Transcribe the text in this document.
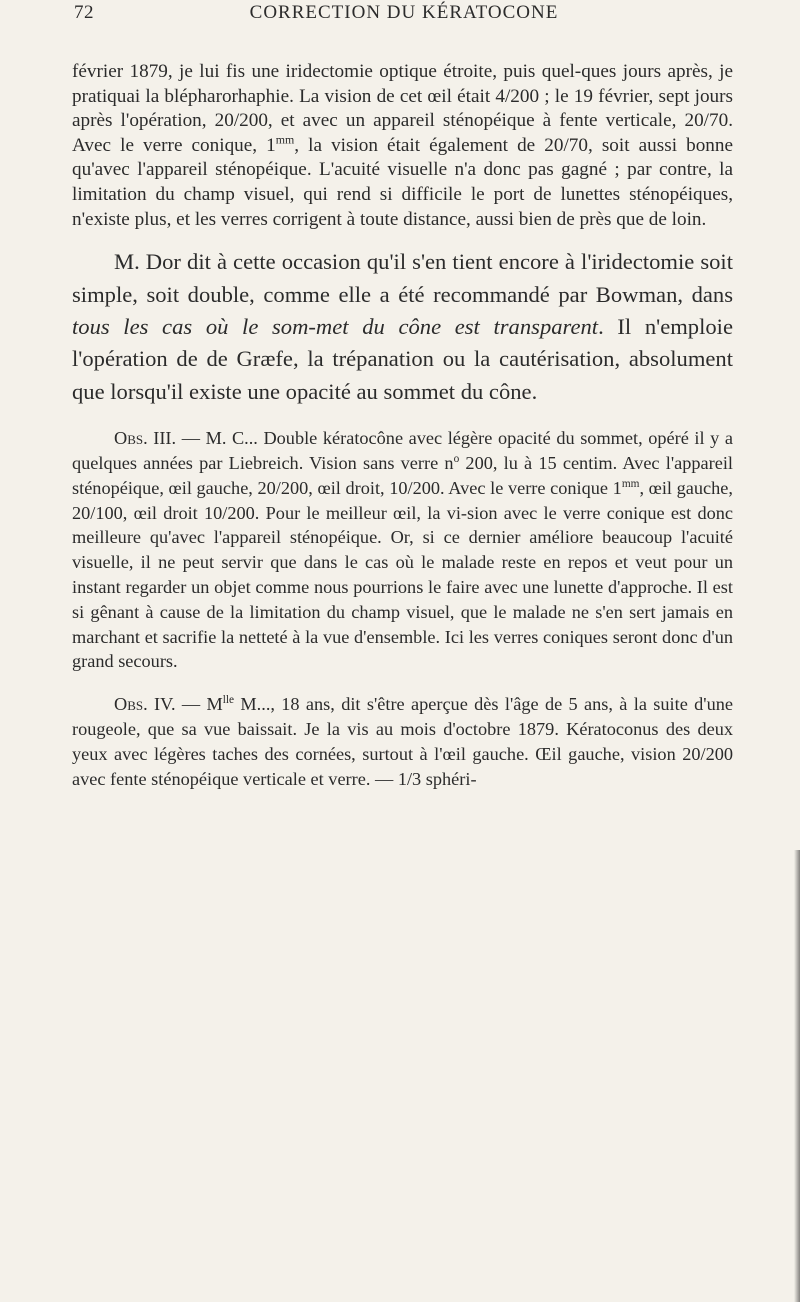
72	CORRECTION DU KÉRATOCONE

février 1879, je lui fis une iridectomie optique étroite, puis quel-ques jours après, je pratiquai la blépharorhaphie. La vision de cet œil était 4/200 ; le 19 février, sept jours après l'opération, 20/200, et avec un appareil sténopéique à fente verticale, 20/70. Avec le verre conique, $1^{mm}$, la vision était également de 20/70, soit aussi bonne qu'avec l'appareil sténopéique. L'acuité visuelle n'a donc pas gagné ; par contre, la limitation du champ visuel, qui rend si difficile le port de lunettes sténopéiques, n'existe plus, et les verres corrigent à toute distance, aussi bien de près que de loin.

M. Dor dit à cette occasion qu'il s'en tient encore à l'iridectomie soit simple, soit double, comme elle a été recommandé par Bowman, dans tous les cas où le som-met du cône est transparent. Il n'emploie l'opération de de Græfe, la trépanation ou la cautérisation, absolument que lorsqu'il existe une opacité au sommet du cône.

Obs. III. — M. C... Double kératocône avec légère opacité du sommet, opéré il y a quelques années par Liebreich. Vision sans verre $n^o$ 200, lu à 15 centim. Avec l'appareil sténopéique, œil gauche, 20/200, œil droit, 10/200. Avec le verre conique $1^{mm}$, œil gauche, 20/100, œil droit 10/200. Pour le meilleur œil, la vi-sion avec le verre conique est donc meilleure qu'avec l'appareil sténopéique. Or, si ce dernier améliore beaucoup l'acuité visuelle, il ne peut servir que dans le cas où le malade reste en repos et veut pour un instant regarder un objet comme nous pourrions le faire avec une lunette d'approche. Il est si gênant à cause de la limitation du champ visuel, que le malade ne s'en sert jamais en marchant et sacrifie la netteté à la vue d'ensemble. Ici les verres coniques seront donc d'un grand secours.

Obs. IV. — $M^{lle}$ M..., 18 ans, dit s'être aperçue dès l'âge de 5 ans, à la suite d'une rougeole, que sa vue baissait. Je la vis au mois d'octobre 1879. Kératoconus des deux yeux avec légères taches des cornées, surtout à l'œil gauche. Œil gauche, vision 20/200 avec fente sténopéique verticale et verre. — 1/3 sphéri-
